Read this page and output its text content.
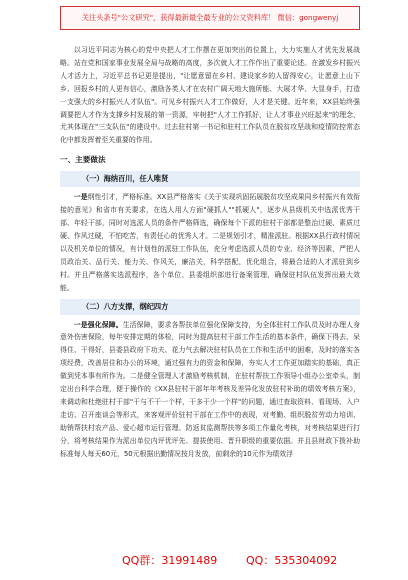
关注头条号"公文研究"，获得最新最全最专业的公文资料库！ 微信：gongwenyj

以习近平同志为核心的党中央把人才工作摆在更加突出的位置上，大力实施人才优先发展战略。站在党和国家事业发展全局与战略的高度，多次就人才工作作出了重要论述。在激发乡村振兴人才活力上，习近平总书记更是提出，"让愿意留在乡村、建设家乡的人留得安心，让愿意上山下乡、回报乡村的人更有信心，激励各类人才在农村广阔天地大施所能、大展才华、大显身手，打造一支强大的乡村振兴人才队伍"。可见乡村振兴人才工作做好，人才是关键。近年来，XX县始终强调要把人才作为支撑乡村发展的第一资源，牢树把"人才工作抓好，让人才事业兴旺起来"的理念，尤其体现在"三支队伍"的建设中。过去驻村第一书记和驻村工作队员在脱贫攻坚战和疫情防控常态化中都发挥着至关重要的作用。

一、主要做法
（一）海纳百川，任人唯贤

一是纲性引才，严格标准。XX县严格落实《关于实现巩固拓展脱贫攻坚成果同乡村振兴有效衔接的意见》和省市有关要求，在选人用人方面"硬抓人""抓硬人"，逐步从县级机关中选派优秀干部、年轻干部，同时对选派人员的条件严格筛选，确保每个下派的驻村干部都是整治过硬、素质过硬、作风过硬，不怕吃苦，有责任心的优秀人才。二是规划引才，精准派驻。根据XX县行政村情况以及机关单位的情况，有计划性的派驻工作队伍，充分考虑选派人员的专业、经济等因素，严把人员政治关、品行关、能力关、作风关，廉洁关，科学搭配，优化组合，将最合适的人才派驻到乡村。并且严格落实选派程序，各个单位、县委组织部进行备案管理，确保驻村队伍发挥出最大效能。

（二）八方支撑，纲纪四方

一是强化保障。生活保障，要求各帮扶单位强化保障支持，为全体驻村工作队员及时办理人身意外伤害保险，每年安排定期的体检，同时为提高驻村干部工作生活的基本条件，确保下得去、呆得住、干得好，县委县政府下功夫、花力气去解决驻村队员在工作和生活中的困难，及时的落实各项经费，改善居住和办公的环境，通过强有力的资金和保障，夯实人才工作更加踏实的基础，真正做到凭本事有所作为。二是健全管理人才激励考核机制，在驻村帮扶工作领导小组办公室牵头，制定出台科学合理，便于操作的《XX县驻村干部年年考核及差异化发放驻村补助的绩效考核方案》，来调动和杜绝驻村干部"干与不干一个样，干多干少一个样"的问题，通过查取资料、看现场、入户走访、召开座谈会等形式，来客观评价驻村干部在工作中的表现，对考勤、组织脱贫劳动力培训、助销帮扶村农产品、爱心超市运行管理、防返贫监测帮扶等多项工作量化考核，对考核结果进行打分，将考核结果作为派出单位内评优评先、提拔使用、晋升职级的重要依据。并且县财政下拨补助标准每人每天60元，50元根据出勤情况按月发放，前剩余的10元作为绩效浮

QQ群：31991489	QQ：535304092
